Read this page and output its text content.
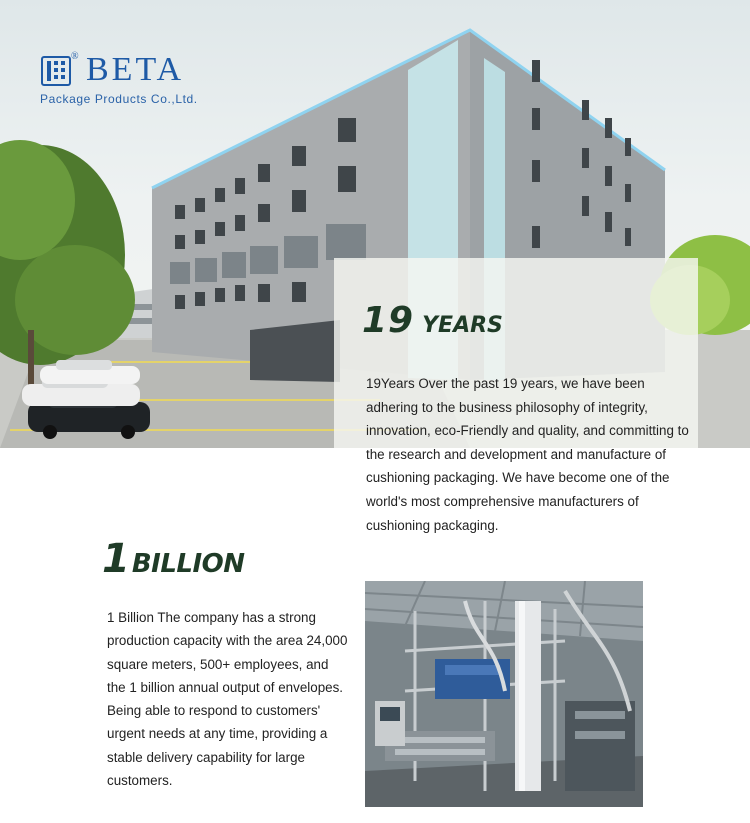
® BETA
Package Products Co.,Ltd.
19 YEARS
19Years Over the past 19 years, we have been adhering to the business philosophy of integrity, innovation, eco-Friendly and quality, and committing to the research and development and manufacture of cushioning packaging. We have become one of the world's most comprehensive manufacturers of cushioning packaging.
1BILLION
1 Billion The company has a strong production capacity with the area 24,000 square meters, 500+ employees, and the 1 billion annual output of envelopes. Being able to respond to customers' urgent needs at any time, providing a stable delivery capability for large customers.
